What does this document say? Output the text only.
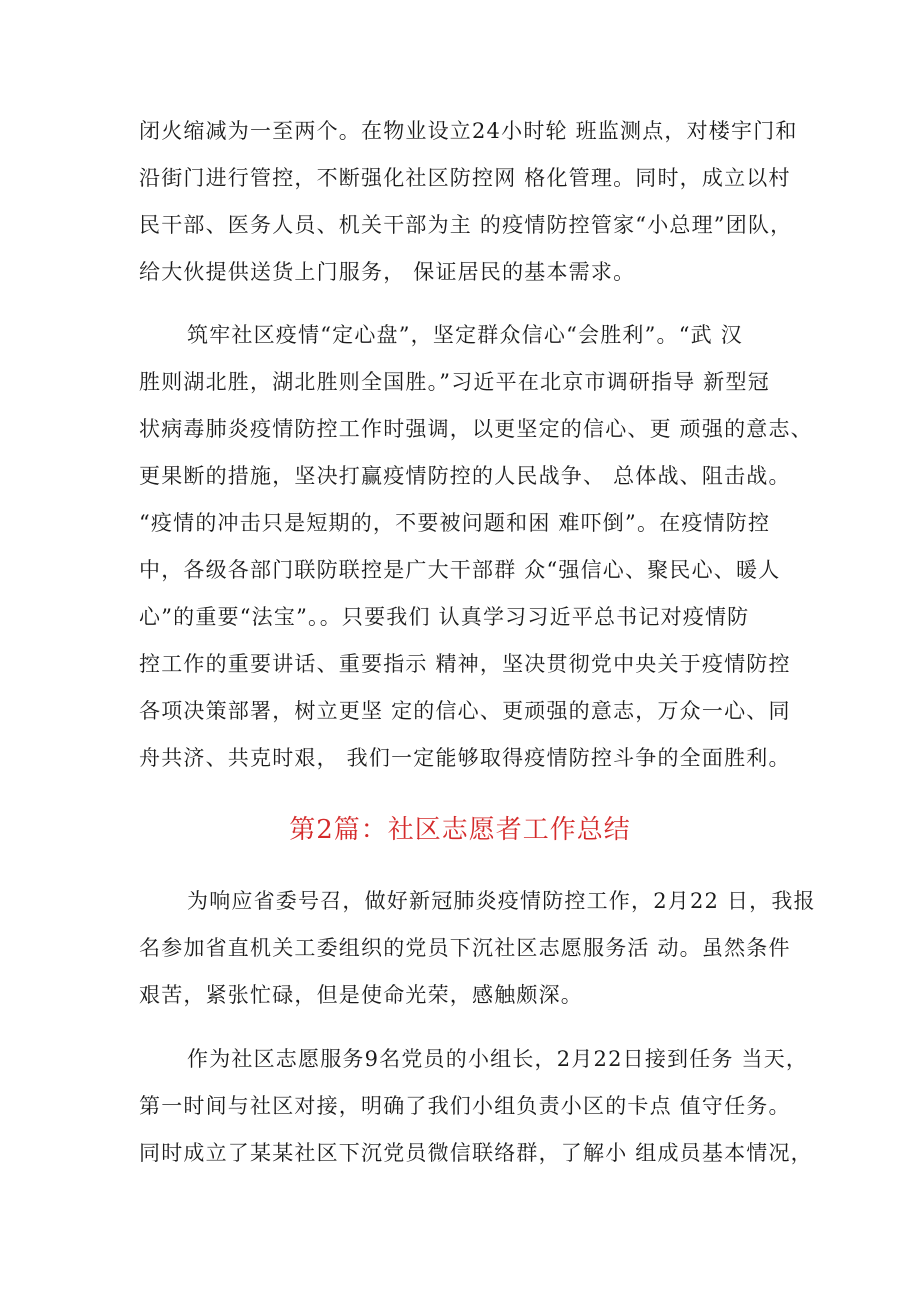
闭火缩减为一至两个。在物业设立24小时轮 班监测点，对楼宇门和
沿街门进行管控，不断强化社区防控网 格化管理。同时，成立以村
民干部、医务人员、机关干部为主 的疫情防控管家“小总理”团队，
给大伙提供送货上门服务， 保证居民的基本需求。
筑牢社区疫情“定心盘”，坚定群众信心“会胜利”。“武 汉
胜则湖北胜，湖北胜则全国胜。”习近平在北京市调研指导 新型冠
状病毒肺炎疫情防控工作时强调，以更坚定的信心、更 顽强的意志、
更果断的措施，坚决打赢疫情防控的人民战争、 总体战、阻击战。
“疫情的冲击只是短期的，不要被问题和困 难吓倒”。在疫情防控
中，各级各部门联防联控是广大干部群 众“强信心、聚民心、暖人
心”的重要“法宝”。。只要我们 认真学习习近平总书记对疫情防
控工作的重要讲话、重要指示 精神，坚决贯彻党中央关于疫情防控
各项决策部署，树立更坚 定的信心、更顽强的意志，万众一心、同
舟共济、共克时艰， 我们一定能够取得疫情防控斗争的全面胜利。
第2篇：社区志愿者工作总结
为响应省委号召，做好新冠肺炎疫情防控工作，2月22 日，我报
名参加省直机关工委组织的党员下沉社区志愿服务活 动。虽然条件
艰苦，紧张忙碌，但是使命光荣，感触颇深。
作为社区志愿服务9名党员的小组长，2月22日接到任务 当天，
第一时间与社区对接，明确了我们小组负责小区的卡点 值守任务。
同时成立了某某社区下沉党员微信联络群，了解小 组成员基本情况，
